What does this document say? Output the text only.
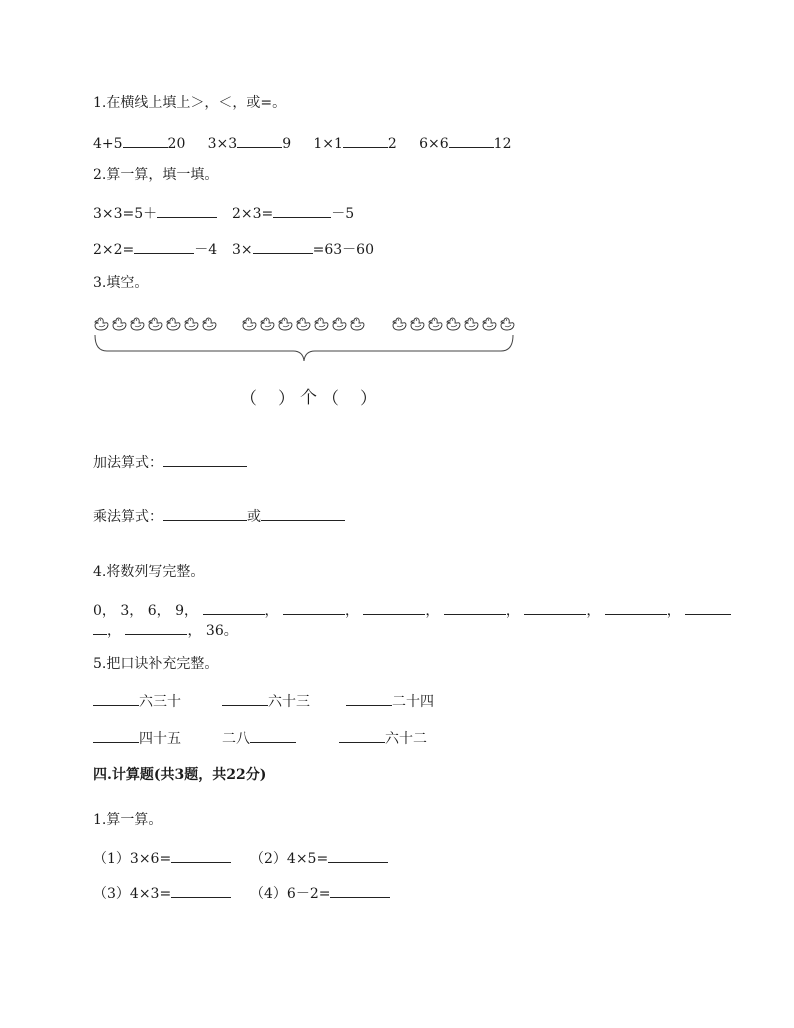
1.在横线上填上＞，＜，或=。
4+5	20 3×3	9 1×1	2 6×6	12
2.算一算，填一填。
3×3=5＋	2×3=	－5
2×2=	－4 3×	=63－60
3.填空。
（ ） 个 （ ）
加法算式：
乘法算式：	或
4.将数列写完整。
0， 3， 6， 9，	，	，	，	，	，	，
，	， 36。
5.把口诀补充完整。
六三十	六十三	二十四
四十五	二八	六十二
四.计算题(共3题，共22分)
1.算一算。
（1）3×6=	（2）4×5=
（3）4×3=	（4）6－2=
